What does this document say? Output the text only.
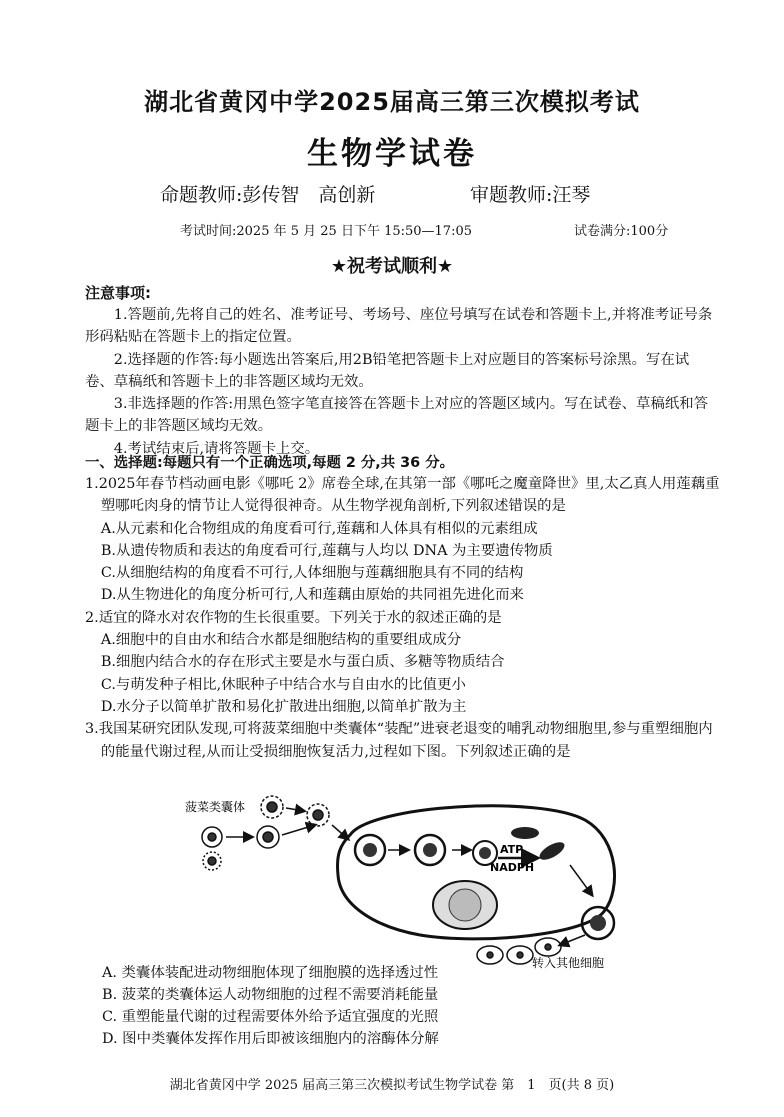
湖北省黄冈中学2025届高三第三次模拟考试
生物学试卷
命题教师:彭传智　高创新	审题教师:汪琴
考试时间:2025 年 5 月 25 日下午 15:50—17:05	试卷满分:100分
★祝考试顺利★
注意事项:

1.答题前,先将自己的姓名、准考证号、考场号、座位号填写在试卷和答题卡上,并将准考证号条形码粘贴在答题卡上的指定位置。

2.选择题的作答:每小题选出答案后,用2B铅笔把答题卡上对应题目的答案标号涂黑。写在试卷、草稿纸和答题卡上的非答题区域均无效。

3.非选择题的作答:用黑色签字笔直接答在答题卡上对应的答题区域内。写在试卷、草稿纸和答题卡上的非答题区域均无效。

4.考试结束后,请将答题卡上交。

一、选择题:每题只有一个正确选项,每题 2 分,共 36 分。

1.2025年春节档动画电影《哪吒 2》席卷全球,在其第一部《哪吒之魔童降世》里,太乙真人用莲藕重塑哪吒肉身的情节让人觉得很神奇。从生物学视角剖析,下列叙述错误的是

A.从元素和化合物组成的角度看可行,莲藕和人体具有相似的元素组成

B.从遗传物质和表达的角度看可行,莲藕与人均以 DNA 为主要遗传物质

C.从细胞结构的角度看不可行,人体细胞与莲藕细胞具有不同的结构

D.从生物进化的角度分析可行,人和莲藕由原始的共同祖先进化而来

2.适宜的降水对农作物的生长很重要。下列关于水的叙述正确的是

A.细胞中的自由水和结合水都是细胞结构的重要组成成分

B.细胞内结合水的存在形式主要是水与蛋白质、多糖等物质结合

C.与萌发种子相比,休眠种子中结合水与自由水的比值更小

D.水分子以简单扩散和易化扩散进出细胞,以简单扩散为主

3.我国某研究团队发现,可将菠菜细胞中类囊体“装配”进衰老退变的哺乳动物细胞里,参与重塑细胞内的能量代谢过程,从而让受损细胞恢复活力,过程如下图。下列叙述正确的是

菠菜类囊体
ATP
NADPH
转入其他细胞

A. 类囊体装配进动物细胞体现了细胞膜的选择透过性

B. 菠菜的类囊体运人动物细胞的过程不需要消耗能量

C. 重塑能量代谢的过程需要体外给予适宜强度的光照

D. 图中类囊体发挥作用后即被该细胞内的溶酶体分解

湖北省黄冈中学 2025 届高三第三次模拟考试生物学试卷 第　1　页(共 8 页)
